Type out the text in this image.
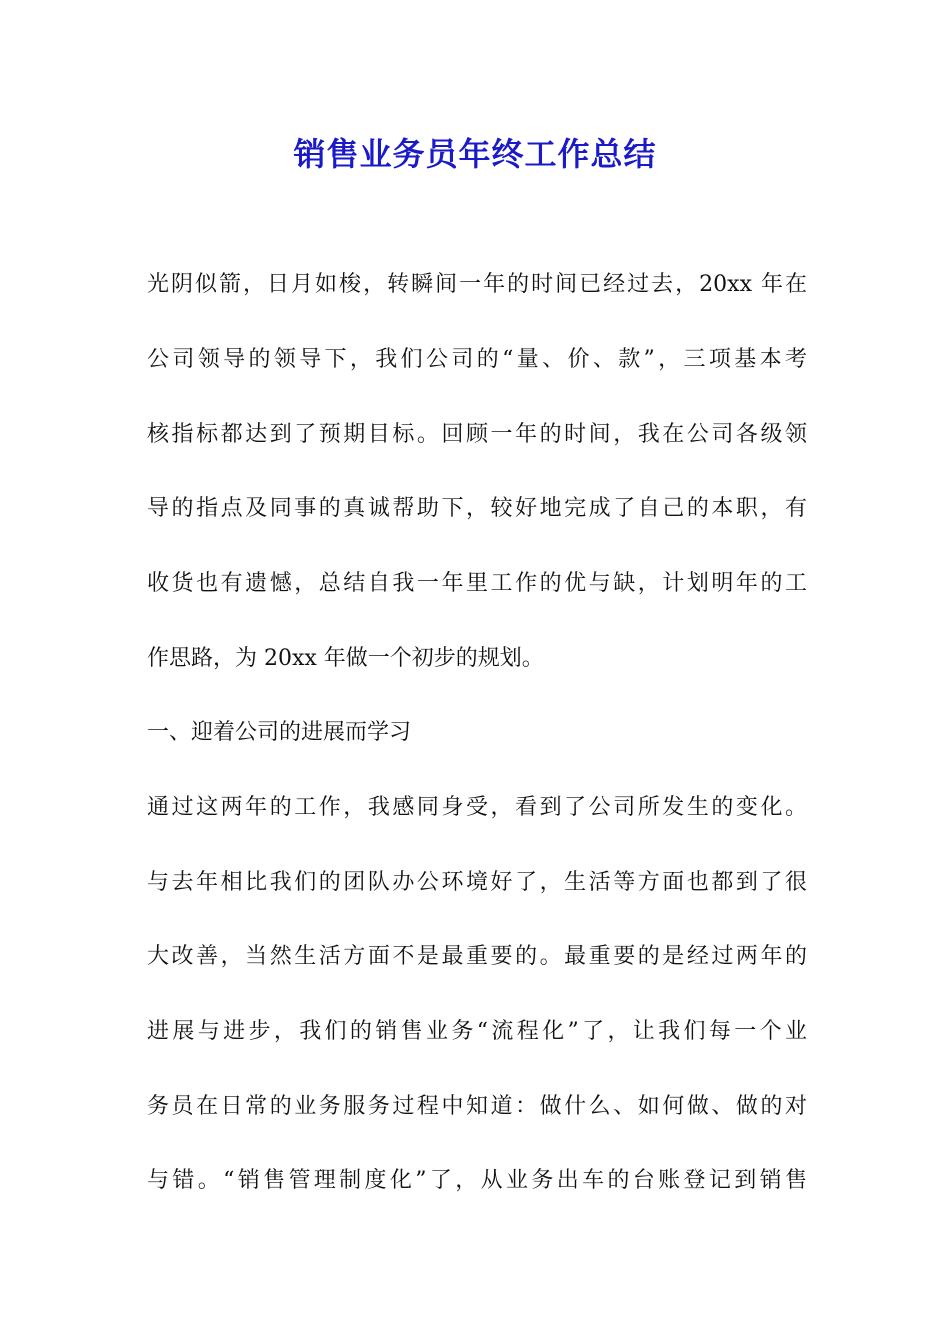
销售业务员年终工作总结
光阴似箭，日月如梭，转瞬间一年的时间已经过去，20xx 年在
公司领导的领导下，我们公司的“量、价、款”，三项基本考
核指标都达到了预期目标。回顾一年的时间，我在公司各级领
导的指点及同事的真诚帮助下，较好地完成了自己的本职，有
收货也有遗憾，总结自我一年里工作的优与缺，计划明年的工
作思路，为 20xx 年做一个初步的规划。
一、迎着公司的进展而学习
通过这两年的工作，我感同身受，看到了公司所发生的变化。
与去年相比我们的团队办公环境好了，生活等方面也都到了很
大改善，当然生活方面不是最重要的。最重要的是经过两年的
进展与进步，我们的销售业务“流程化”了，让我们每一个业
务员在日常的业务服务过程中知道：做什么、如何做、做的对
与错。“销售管理制度化”了，从业务出车的台账登记到销售
